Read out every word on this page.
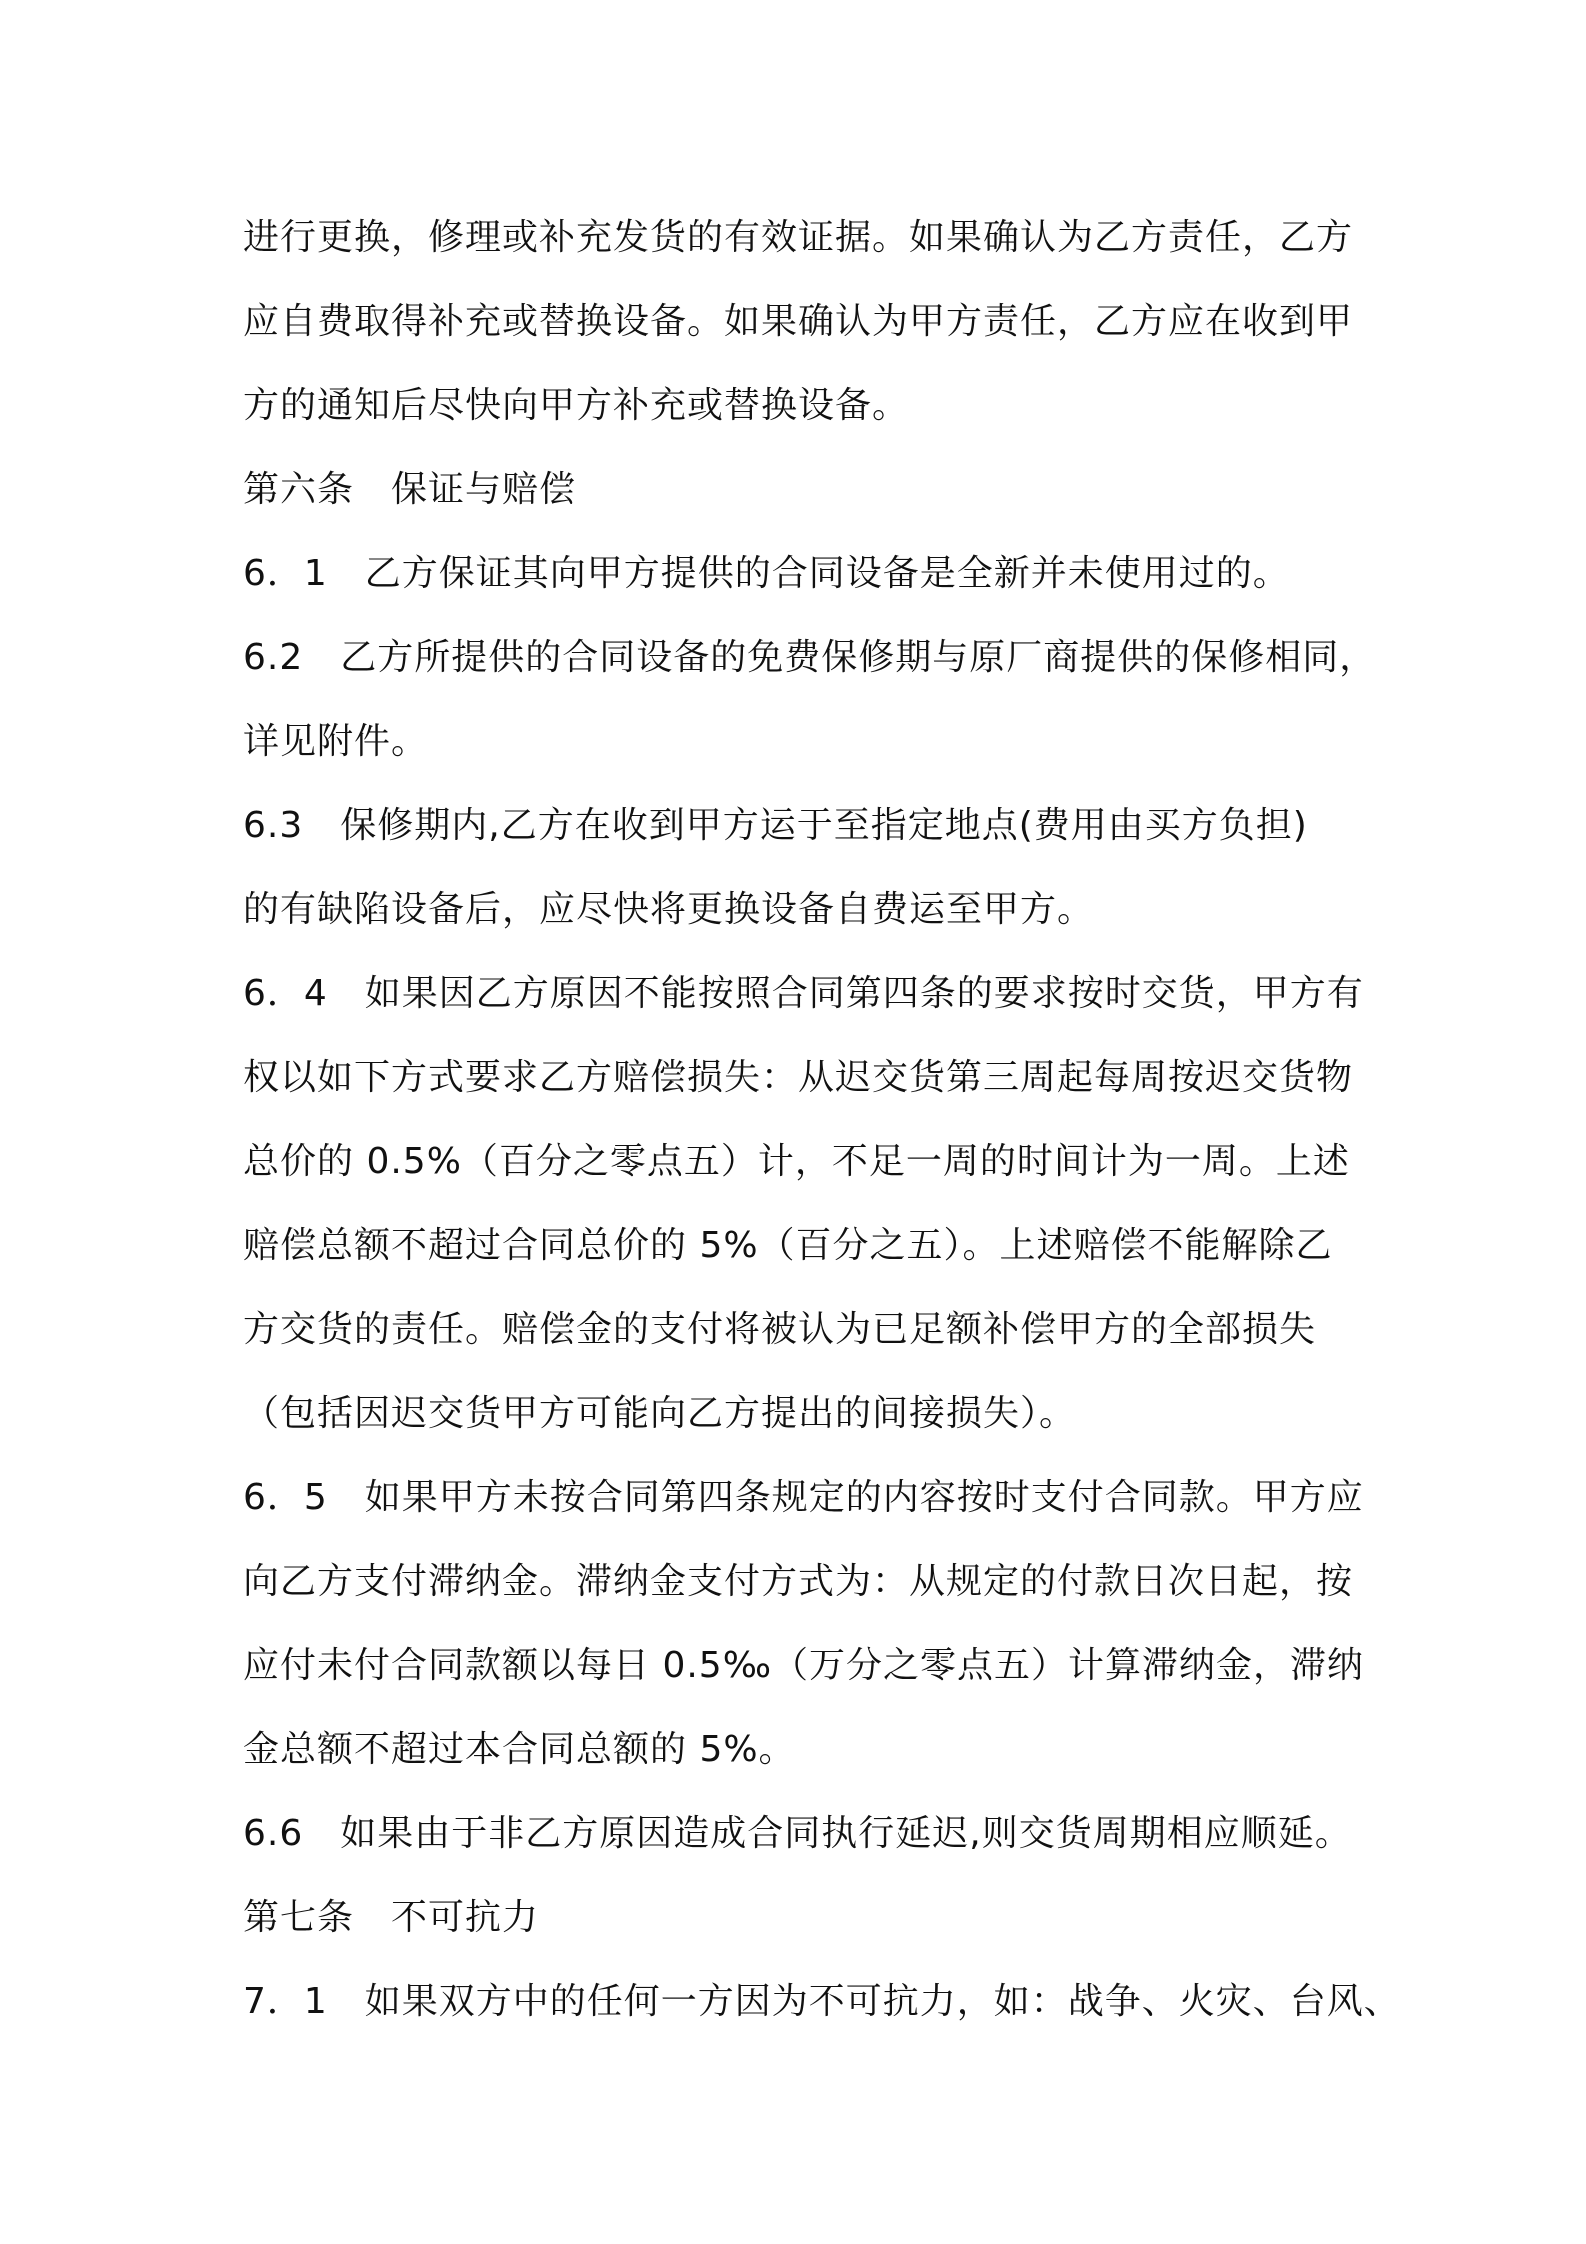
进行更换，修理或补充发货的有效证据。如果确认为乙方责任，乙方
应自费取得补充或替换设备。如果确认为甲方责任，乙方应在收到甲
方的通知后尽快向甲方补充或替换设备。
第六条　保证与赔偿
6．1　乙方保证其向甲方提供的合同设备是全新并未使用过的。
6.2　乙方所提供的合同设备的免费保修期与原厂商提供的保修相同，
详见附件。
6.3　保修期内,乙方在收到甲方运于至指定地点(费用由买方负担)
的有缺陷设备后，应尽快将更换设备自费运至甲方。
6．4　如果因乙方原因不能按照合同第四条的要求按时交货，甲方有
权以如下方式要求乙方赔偿损失：从迟交货第三周起每周按迟交货物
总价的 0.5%（百分之零点五）计，不足一周的时间计为一周。上述
赔偿总额不超过合同总价的 5%（百分之五）。上述赔偿不能解除乙
方交货的责任。赔偿金的支付将被认为已足额补偿甲方的全部损失
（包括因迟交货甲方可能向乙方提出的间接损失）。
6．5　如果甲方未按合同第四条规定的内容按时支付合同款。甲方应
向乙方支付滞纳金。滞纳金支付方式为：从规定的付款日次日起，按
应付未付合同款额以每日 0.5‰（万分之零点五）计算滞纳金，滞纳
金总额不超过本合同总额的 5%。
6.6　如果由于非乙方原因造成合同执行延迟,则交货周期相应顺延。
第七条　不可抗力
7．1　如果双方中的任何一方因为不可抗力，如：战争、火灾、台风、
